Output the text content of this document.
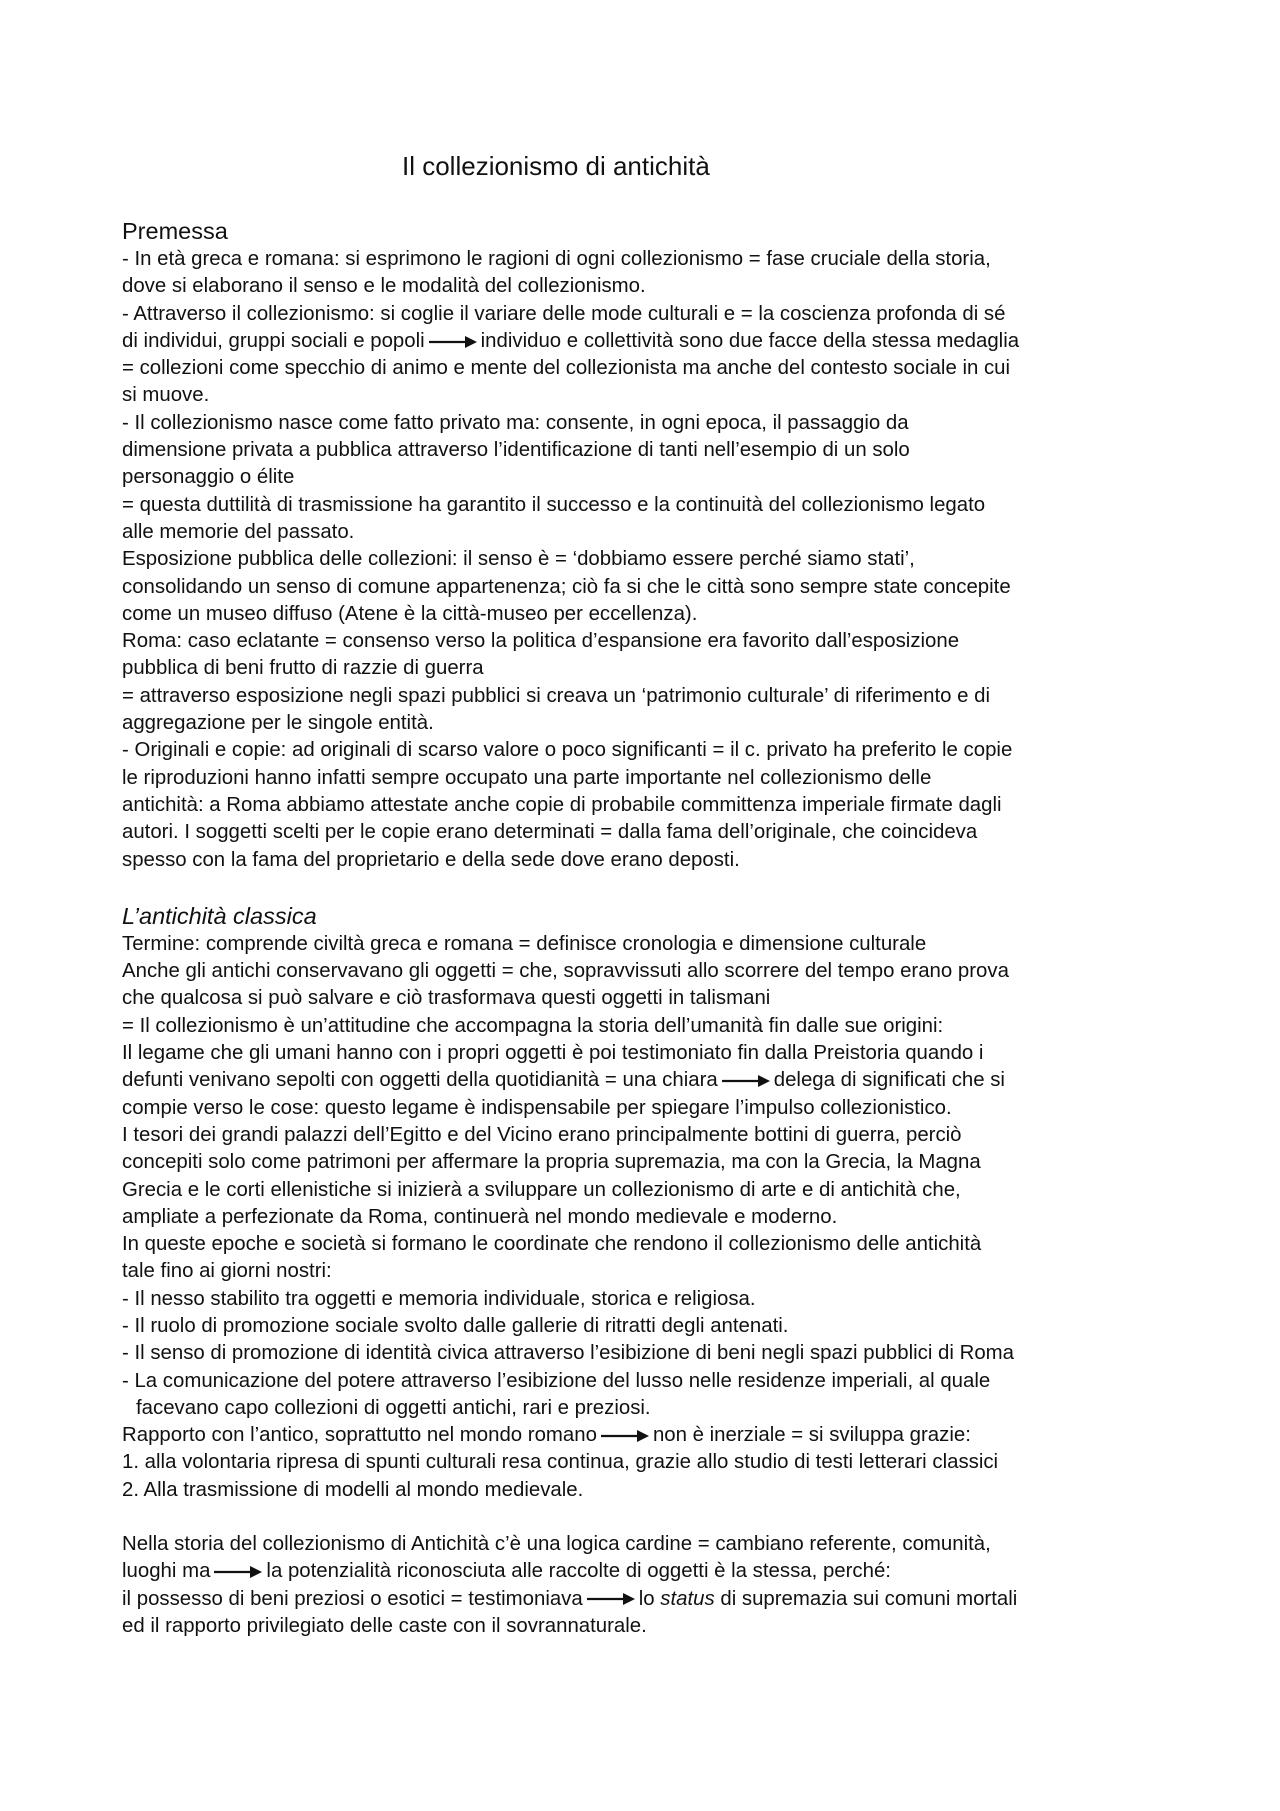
Il collezionismo di antichità
Premessa
- In età greca e romana: si esprimono le ragioni di ogni collezionismo = fase cruciale della storia,
dove si elaborano il senso e le modalità del collezionismo.
- Attraverso il collezionismo: si coglie il variare delle mode culturali e = la coscienza profonda di sé
di individui, gruppi sociali e popoli	individuo e collettività sono due facce della stessa medaglia
= collezioni come specchio di animo e mente del collezionista ma anche del contesto sociale in cui
si muove.
- Il collezionismo nasce come fatto privato ma: consente, in ogni epoca, il passaggio da
dimensione privata a pubblica attraverso l’identificazione di tanti nell’esempio di un solo
personaggio o élite
= questa duttilità di trasmissione ha garantito il successo e la continuità del collezionismo legato
alle memorie del passato.
Esposizione pubblica delle collezioni: il senso è = ‘dobbiamo essere perché siamo stati’,
consolidando un senso di comune appartenenza; ciò fa si che le città sono sempre state concepite
come un museo diffuso (Atene è la città-museo per eccellenza).
Roma: caso eclatante = consenso verso la politica d’espansione era favorito dall’esposizione
pubblica di beni frutto di razzie di guerra
= attraverso esposizione negli spazi pubblici si creava un ‘patrimonio culturale’ di riferimento e di
aggregazione per le singole entità.
- Originali e copie: ad originali di scarso valore o poco significanti = il c. privato ha preferito le copie
le riproduzioni hanno infatti sempre occupato una parte importante nel collezionismo delle
antichità: a Roma abbiamo attestate anche copie di probabile committenza imperiale firmate dagli
autori. I soggetti scelti per le copie erano determinati = dalla fama dell’originale, che coincideva
spesso con la fama del proprietario e della sede dove erano deposti.
L’antichità classica
Termine: comprende civiltà greca e romana = definisce cronologia e dimensione culturale
Anche gli antichi conservavano gli oggetti = che, sopravvissuti allo scorrere del tempo erano prova
che qualcosa si può salvare e ciò trasformava questi oggetti in talismani
= Il collezionismo è un’attitudine che accompagna la storia dell’umanità fin dalle sue origini:
Il legame che gli umani hanno con i propri oggetti è poi testimoniato fin dalla Preistoria quando i
defunti venivano sepolti con oggetti della quotidianità = una chiara	delega di significati che si
compie verso le cose: questo legame è indispensabile per spiegare l’impulso collezionistico.
I tesori dei grandi palazzi dell’Egitto e del Vicino erano principalmente bottini di guerra, perciò
concepiti solo come patrimoni per affermare la propria supremazia, ma con la Grecia, la Magna
Grecia e le corti ellenistiche si inizierà a sviluppare un collezionismo di arte e di antichità che,
ampliate a perfezionate da Roma, continuerà nel mondo medievale e moderno.
In queste epoche e società si formano le coordinate che rendono il collezionismo delle antichità
tale fino ai giorni nostri:
- Il nesso stabilito tra oggetti e memoria individuale, storica e religiosa.
- Il ruolo di promozione sociale svolto dalle gallerie di ritratti degli antenati.
- Il senso di promozione di identità civica attraverso l’esibizione di beni negli spazi pubblici di Roma
- La comunicazione del potere attraverso l’esibizione del lusso nelle residenze imperiali, al quale
facevano capo collezioni di oggetti antichi, rari e preziosi.
Rapporto con l’antico, soprattutto nel mondo romano	non è inerziale = si sviluppa grazie:
1. alla volontaria ripresa di spunti culturali resa continua, grazie allo studio di testi letterari classici
2. Alla trasmissione di modelli al mondo medievale.
Nella storia del collezionismo di Antichità c’è una logica cardine = cambiano referente, comunità,
luoghi ma	la potenzialità riconosciuta alle raccolte di oggetti è la stessa, perché:
il possesso di beni preziosi o esotici = testimoniava	lo status di supremazia sui comuni mortali
ed il rapporto privilegiato delle caste con il sovrannaturale.
